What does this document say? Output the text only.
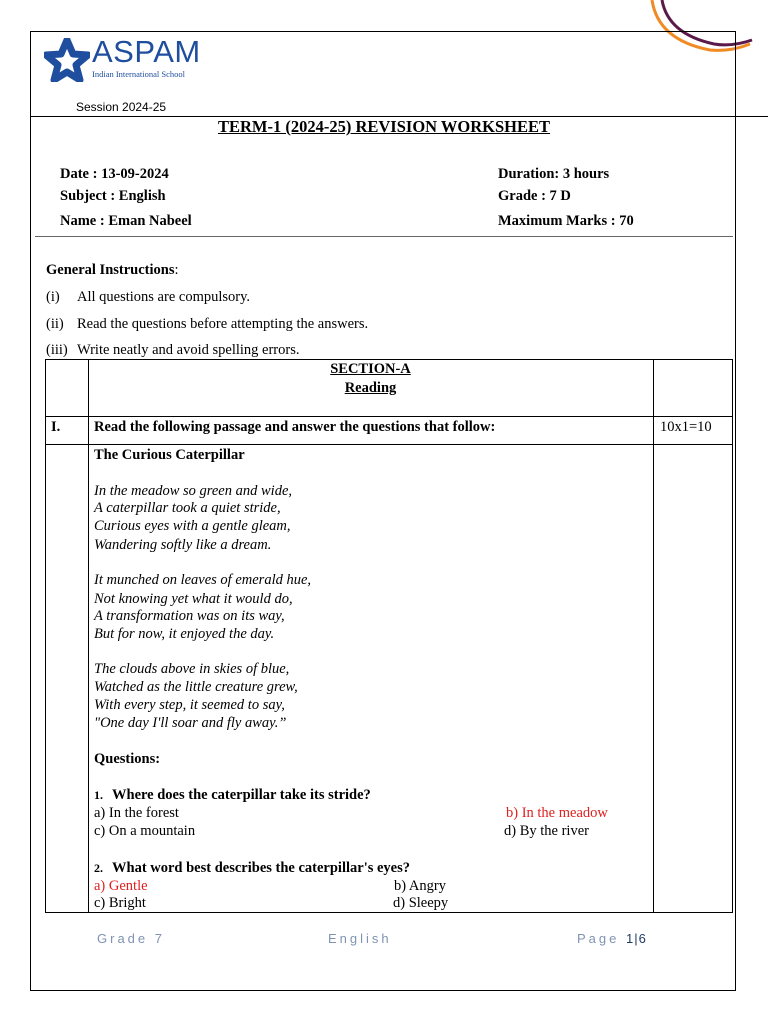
ASPAM
Indian International School
Session 2024-25
TERM-1 (2024-25) REVISION WORKSHEET
Date : 13-09-2024
Subject : English
Name : Eman Nabeel
Duration: 3 hours
Grade : 7 D
Maximum Marks : 70
General Instructions:
(i) All questions are compulsory.
(ii) Read the questions before attempting the answers.
(iii) Write neatly and avoid spelling errors.
SECTION-A
Reading
I. Read the following passage and answer the questions that follow:	10x1=10
The Curious Caterpillar
In the meadow so green and wide,
A caterpillar took a quiet stride,
Curious eyes with a gentle gleam,
Wandering softly like a dream.
It munched on leaves of emerald hue,
Not knowing yet what it would do,
A transformation was on its way,
But for now, it enjoyed the day.
The clouds above in skies of blue,
Watched as the little creature grew,
With every step, it seemed to say,
"One day I'll soar and fly away.”
Questions:
1. Where does the caterpillar take its stride?
a) In the forest	b) In the meadow
c) On a mountain	d) By the river
2. What word best describes the caterpillar's eyes?
a) Gentle	b) Angry
c) Bright	d) Sleepy
Grade 7	English	Page 1|6
